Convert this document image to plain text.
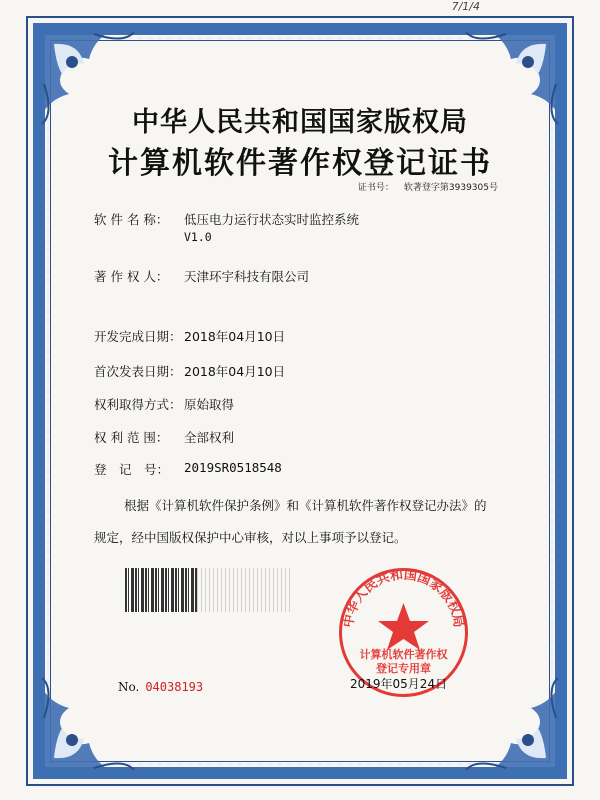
7/1/4
中华人民共和国国家版权局
计算机软件著作权登记证书
证书号： 软著登字第3939305号
软 件 名 称：	低压电力运行状态实时监控系统
V1.0
著 作 权 人：	天津环宇科技有限公司
开发完成日期： 2018年04月10日
首次发表日期： 2018年04月10日
权利取得方式： 原始取得
权 利 范 围：	全部权利
登　记　号：	2019SR0518548
根据《计算机软件保护条例》和《计算机软件著作权登记办法》的
规定，经中国版权保护中心审核，对以上事项予以登记。
中华人民共和国国家版权局
计算机软件著作权
登记专用章
No. 04038193	2019年05月24日
